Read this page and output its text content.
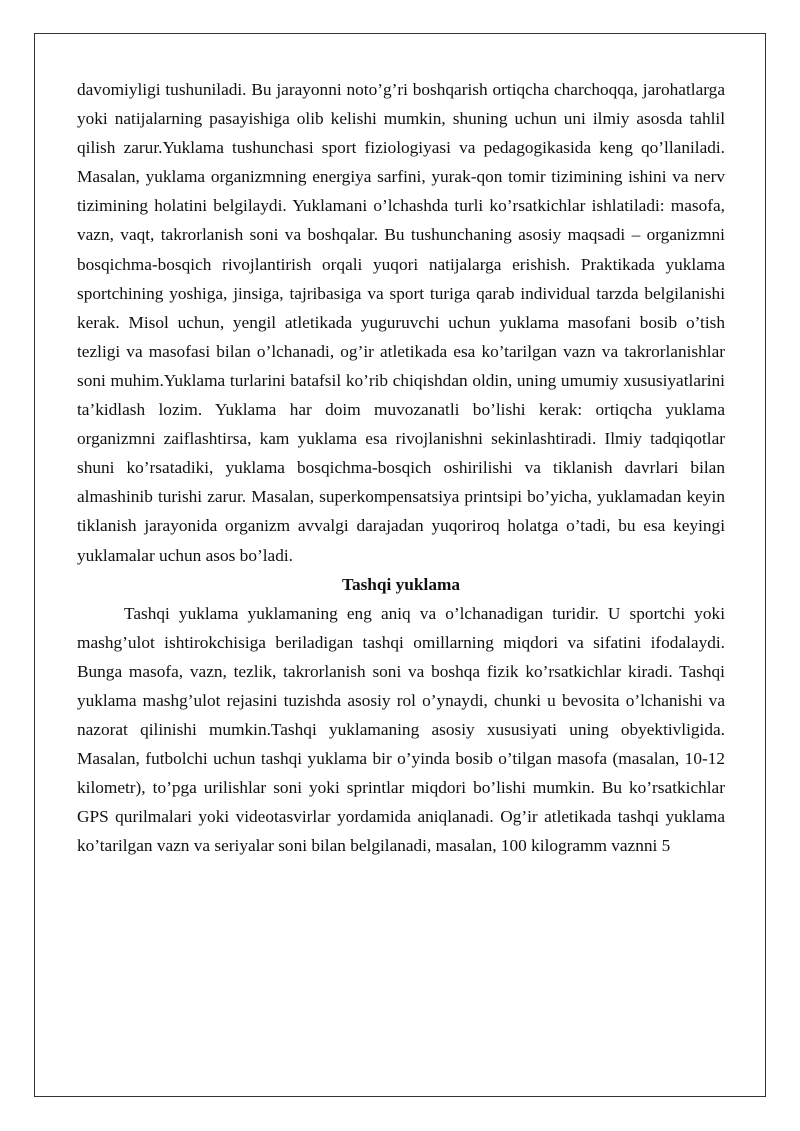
davomiyligi tushuniladi. Bu jarayonni noto’g’ri boshqarish ortiqcha charchoqqa, jarohatlarga yoki natijalarning pasayishiga olib kelishi mumkin, shuning uchun uni ilmiy asosda tahlil qilish zarur.Yuklama tushunchasi sport fiziologiyasi va pedagogikasida keng qo’llaniladi. Masalan, yuklama organizmning energiya sarfini, yurak-qon tomir tizimining ishini va nerv tizimining holatini belgilaydi. Yuklamani o’lchashda turli ko’rsatkichlar ishlatiladi: masofa, vazn, vaqt, takrorlanish soni va boshqalar. Bu tushunchaning asosiy maqsadi – organizmni bosqichma-bosqich rivojlantirish orqali yuqori natijalarga erishish. Praktikada yuklama sportchining yoshiga, jinsiga, tajribasiga va sport turiga qarab individual tarzda belgilanishi kerak. Misol uchun, yengil atletikada yuguruvchi uchun yuklama masofani bosib o’tish tezligi va masofasi bilan o’lchanadi, og’ir atletikada esa ko’tarilgan vazn va takrorlanishlar soni muhim.Yuklama turlarini batafsil ko’rib chiqishdan oldin, uning umumiy xususiyatlarini ta’kidlash lozim. Yuklama har doim muvozanatli bo’lishi kerak: ortiqcha yuklama organizmni zaiflashtirsa, kam yuklama esa rivojlanishni sekinlashtiradi. Ilmiy tadqiqotlar shuni ko’rsatadiki, yuklama bosqichma-bosqich oshirilishi va tiklanish davrlari bilan almashinib turishi zarur. Masalan, superkompensatsiya printsipi bo’yicha, yuklamadan keyin tiklanish jarayonida organizm avvalgi darajadan yuqoriroq holatga o’tadi, bu esa keyingi yuklamalar uchun asos bo’ladi.

Tashqi yuklama

Tashqi yuklama yuklamaning eng aniq va o’lchanadigan turidir. U sportchi yoki mashg’ulot ishtirokchisiga beriladigan tashqi omillarning miqdori va sifatini ifodalaydi. Bunga masofa, vazn, tezlik, takrorlanish soni va boshqa fizik ko’rsatkichlar kiradi. Tashqi yuklama mashg’ulot rejasini tuzishda asosiy rol o’ynaydi, chunki u bevosita o’lchanishi va nazorat qilinishi mumkin.Tashqi yuklamaning asosiy xususiyati uning obyektivligida. Masalan, futbolchi uchun tashqi yuklama bir o’yinda bosib o’tilgan masofa (masalan, 10-12 kilometr), to’pga urilishlar soni yoki sprintlar miqdori bo’lishi mumkin. Bu ko’rsatkichlar GPS qurilmalari yoki videotasvirlar yordamida aniqlanadi. Og’ir atletikada tashqi yuklama ko’tarilgan vazn va seriyalar soni bilan belgilanadi, masalan, 100 kilogramm vaznni 5
